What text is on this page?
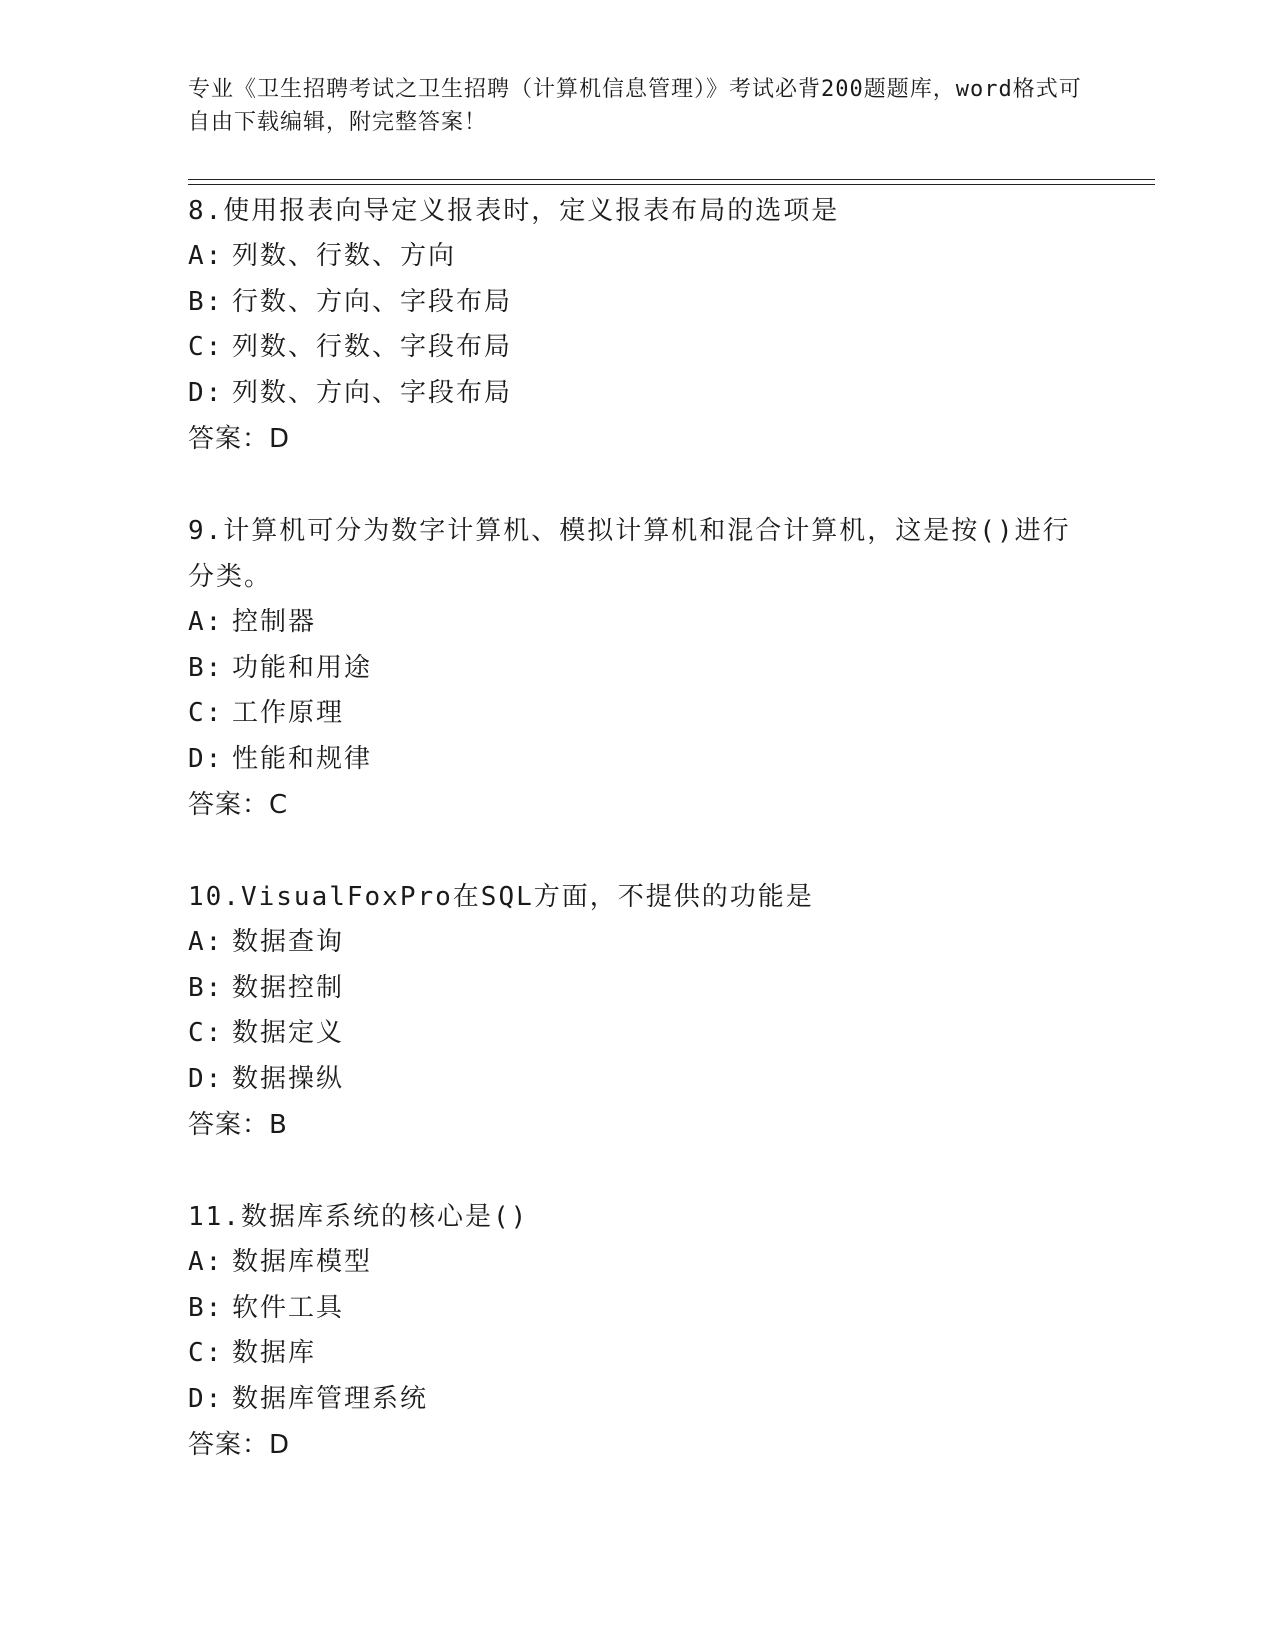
专业《卫生招聘考试之卫生招聘（计算机信息管理）》考试必背200题题库，word格式可自由下载编辑，附完整答案！
8.使用报表向导定义报表时，定义报表布局的选项是
A: 列数、行数、方向
B: 行数、方向、字段布局
C: 列数、行数、字段布局
D: 列数、方向、字段布局
答案：D
9.计算机可分为数字计算机、模拟计算机和混合计算机，这是按()进行分类。
A: 控制器
B: 功能和用途
C: 工作原理
D: 性能和规律
答案：C
10.VisualFoxPro在SQL方面，不提供的功能是
A: 数据查询
B: 数据控制
C: 数据定义
D: 数据操纵
答案：B
11.数据库系统的核心是()
A: 数据库模型
B: 软件工具
C: 数据库
D: 数据库管理系统
答案：D
